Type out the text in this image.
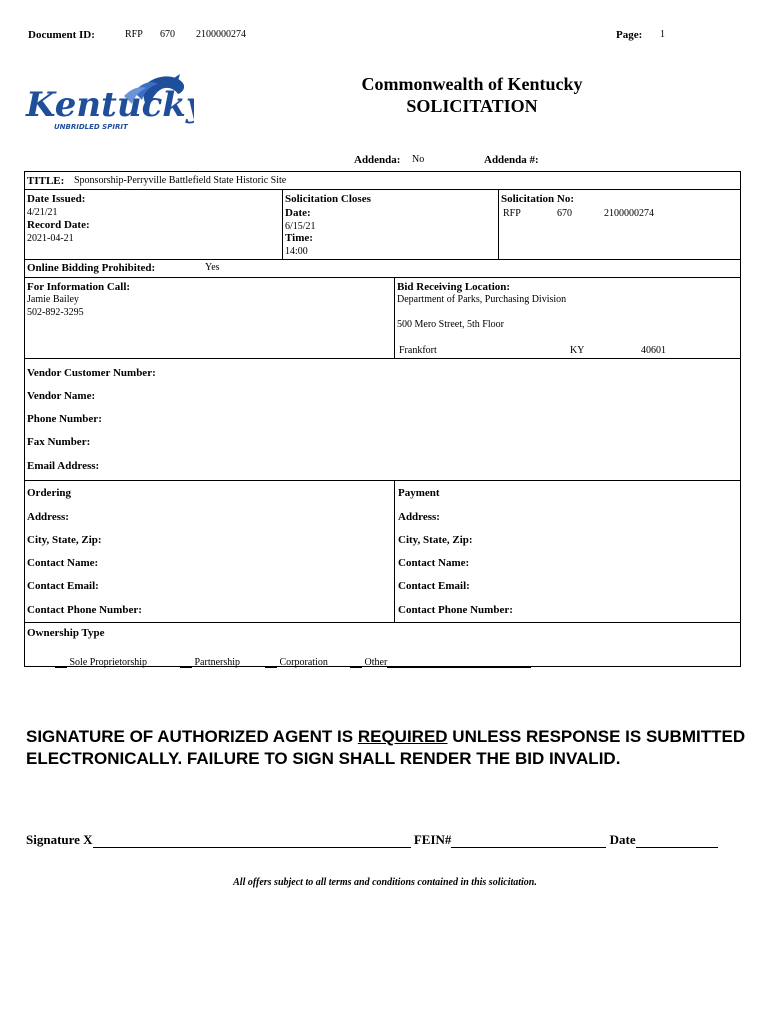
Document ID:	RFP 670 2100000274	Page: 1
Kentucky
UNBRIDLED SPIRIT
Commonwealth of Kentucky
SOLICITATION
Addenda: No	Addenda #:
TITLE: Sponsorship-Perryville Battlefield State Historic Site
Date Issued:
4/21/21
Record Date:
2021-04-21
Solicitation Closes
Date:
6/15/21
Time:
14:00
Solicitation No:
RFP	670	2100000274
Online Bidding Prohibited:	Yes
For Information Call:
Jamie Bailey
502-892-3295
Bid Receiving Location:
Department of Parks, Purchasing Division
500 Mero Street, 5th Floor
Frankfort	KY	40601
Vendor Customer Number:
Vendor Name:
Phone Number:
Fax Number:
Email Address:
Ordering
Address:
City, State, Zip:
Contact Name:
Contact Email:
Contact Phone Number:
Payment
Address:
City, State, Zip:
Contact Name:
Contact Email:
Contact Phone Number:
Ownership Type
Sole Proprietorship	Partnership	Corporation	Other
SIGNATURE OF AUTHORIZED AGENT IS REQUIRED UNLESS RESPONSE IS SUBMITTED ELECTRONICALLY. FAILURE TO SIGN SHALL RENDER THE BID INVALID.
Signature X	FEIN#	Date
All offers subject to all terms and conditions contained in this solicitation.
